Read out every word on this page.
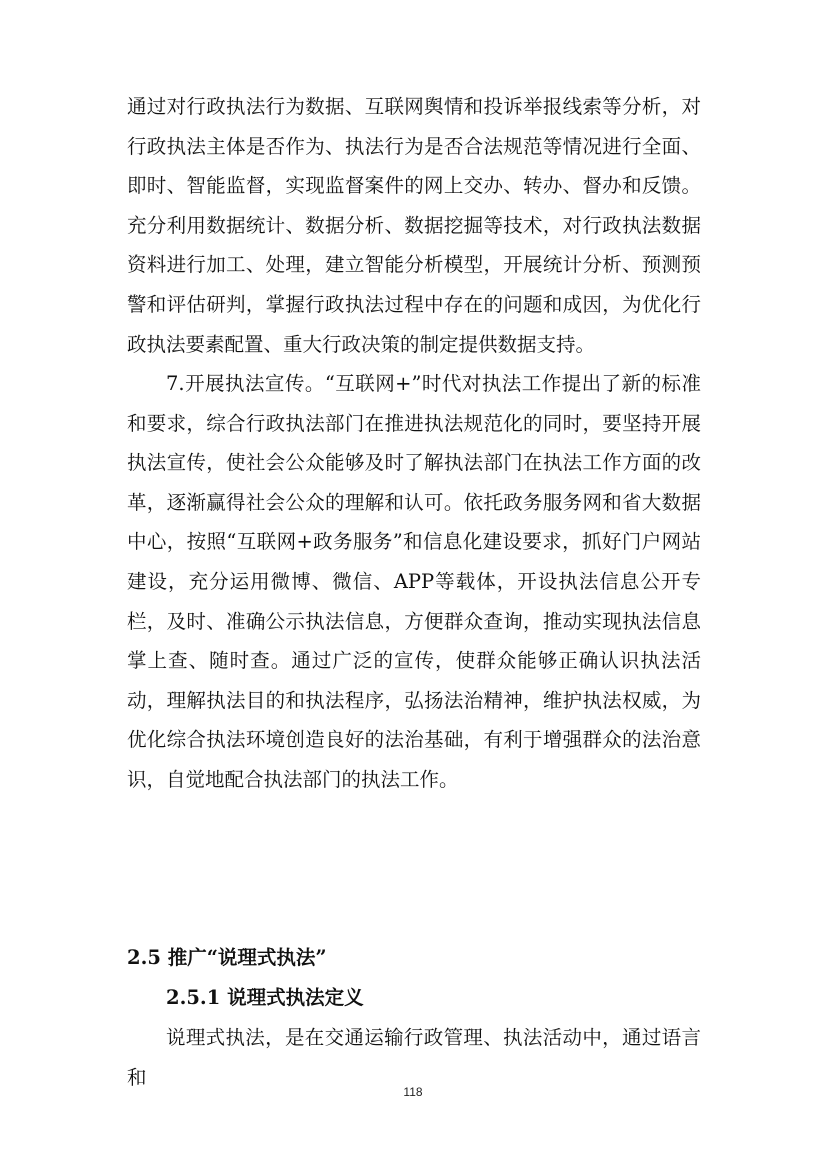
通过对行政执法行为数据、互联网舆情和投诉举报线索等分析，对行政执法主体是否作为、执法行为是否合法规范等情况进行全面、即时、智能监督，实现监督案件的网上交办、转办、督办和反馈。充分利用数据统计、数据分析、数据挖掘等技术，对行政执法数据资料进行加工、处理，建立智能分析模型，开展统计分析、预测预警和评估研判，掌握行政执法过程中存在的问题和成因，为优化行政执法要素配置、重大行政决策的制定提供数据支持。

7.开展执法宣传。“互联网+”时代对执法工作提出了新的标准和要求，综合行政执法部门在推进执法规范化的同时，要坚持开展执法宣传，使社会公众能够及时了解执法部门在执法工作方面的改革，逐渐赢得社会公众的理解和认可。依托政务服务网和省大数据中心，按照“互联网+政务服务”和信息化建设要求，抓好门户网站建设，充分运用微博、微信、APP等载体，开设执法信息公开专栏，及时、准确公示执法信息，方便群众查询，推动实现执法信息掌上查、随时查。通过广泛的宣传，使群众能够正确认识执法活动，理解执法目的和执法程序，弘扬法治精神，维护执法权威，为优化综合执法环境创造良好的法治基础，有利于增强群众的法治意识，自觉地配合执法部门的执法工作。

2.5 推广“说理式执法”
2.5.1 说理式执法定义

说理式执法，是在交通运输行政管理、执法活动中，通过语言和

118
